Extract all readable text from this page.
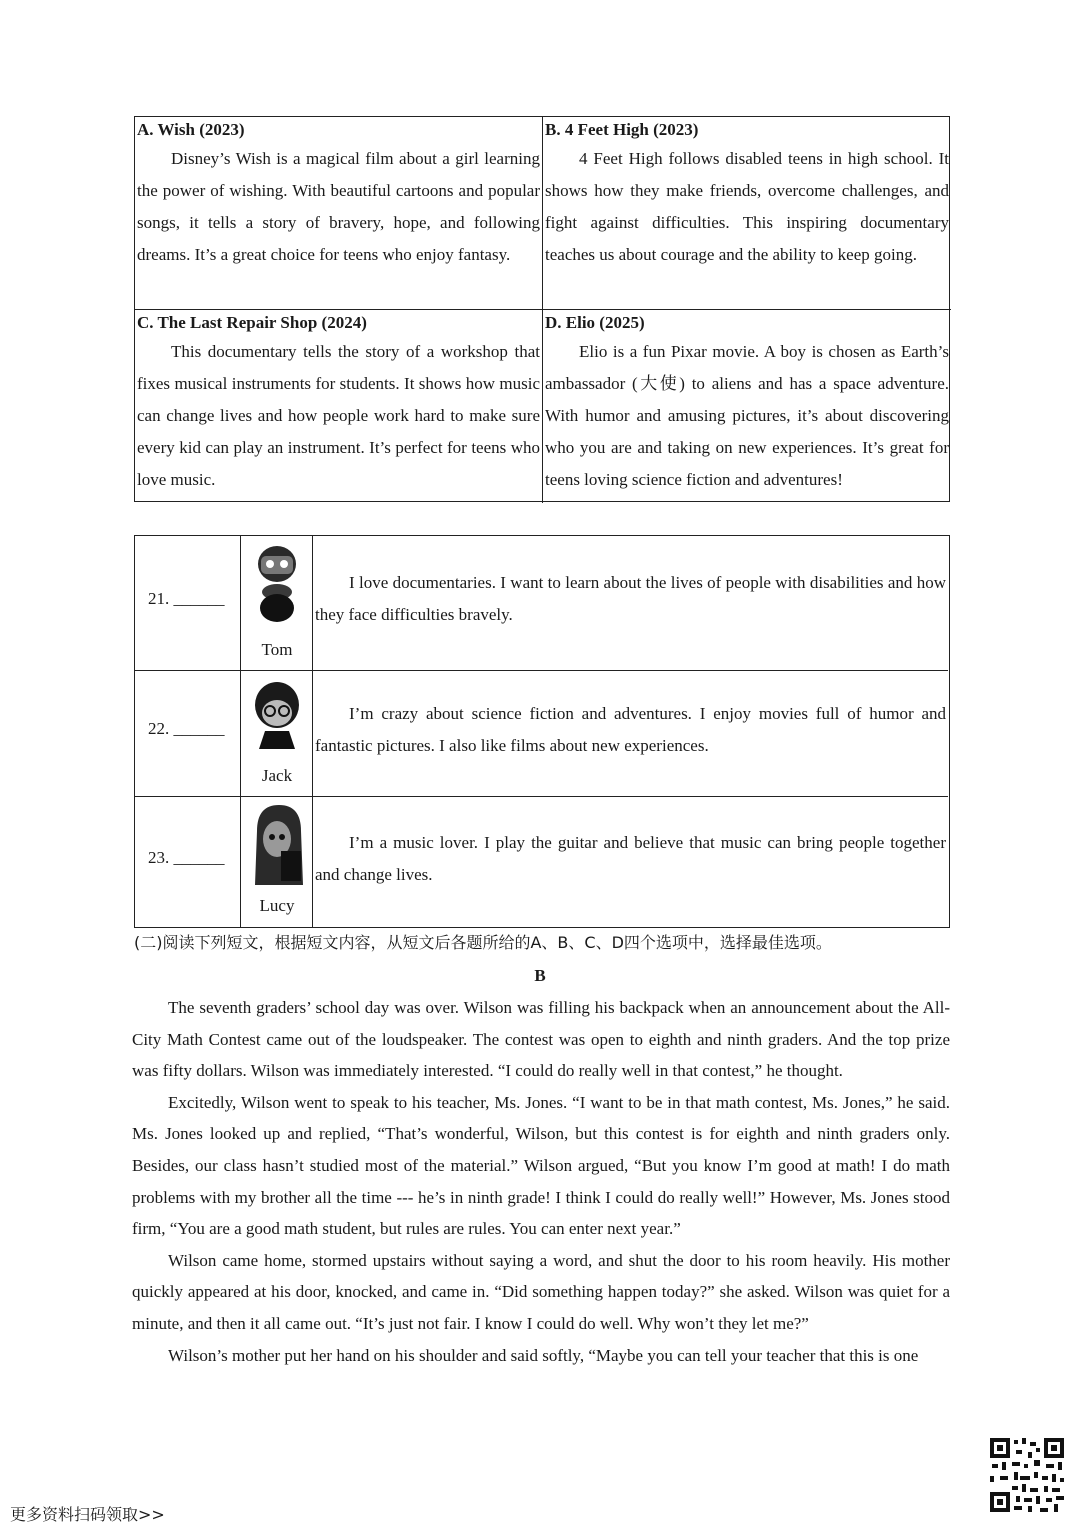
A. Wish (2023)

Disney’s Wish is a magical film about a girl learning the power of wishing. With beautiful cartoons and popular songs, it tells a story of bravery, hope, and following dreams. It’s a great choice for teens who enjoy fantasy.

B. 4 Feet High (2023)

4 Feet High follows disabled teens in high school. It shows how they make friends, overcome challenges, and fight against difficulties. This inspiring documentary teaches us about courage and the ability to keep going.

C. The Last Repair Shop (2024)

This documentary tells the story of a workshop that fixes musical instruments for students. It shows how music can change lives and how people work hard to make sure every kid can play an instrument. It’s perfect for teens who love music.

D. Elio (2025)

Elio is a fun Pixar movie. A boy is chosen as Earth’s ambassador (大使) to aliens and has a space adventure. With humor and amusing pictures, it’s about discovering who you are and taking on new experiences. It’s great for teens loving science fiction and adventures!

21. ______
Tom

I love documentaries. I want to learn about the lives of people with disabilities and how they face difficulties bravely.

22. ______
Jack

I’m crazy about science fiction and adventures. I enjoy movies full of humor and fantastic pictures. I also like films about new experiences.

23. ______
Lucy

I’m a music lover. I play the guitar and believe that music can bring people together and change lives.

(二)阅读下列短文，根据短文内容，从短文后各题所给的A、B、C、D四个选项中，选择最佳选项。
B

The seventh graders’ school day was over. Wilson was filling his backpack when an announcement about the All-City Math Contest came out of the loudspeaker. The contest was open to eighth and ninth graders. And the top prize was fifty dollars. Wilson was immediately interested. “I could do really well in that contest,” he thought.

Excitedly, Wilson went to speak to his teacher, Ms. Jones. “I want to be in that math contest, Ms. Jones,” he said. Ms. Jones looked up and replied, “That’s wonderful, Wilson, but this contest is for eighth and ninth graders only. Besides, our class hasn’t studied most of the material.” Wilson argued, “But you know I’m good at math! I do math problems with my brother all the time --- he’s in ninth grade! I think I could do really well!” However, Ms. Jones stood firm, “You are a good math student, but rules are rules. You can enter next year.”

Wilson came home, stormed upstairs without saying a word, and shut the door to his room heavily. His mother quickly appeared at his door, knocked, and came in. “Did something happen today?” she asked. Wilson was quiet for a minute, and then it all came out. “It’s just not fair. I know I could do well. Why won’t they let me?”

Wilson’s mother put her hand on his shoulder and said softly, “Maybe you can tell your teacher that this is one

更多资料扫码领取>>
